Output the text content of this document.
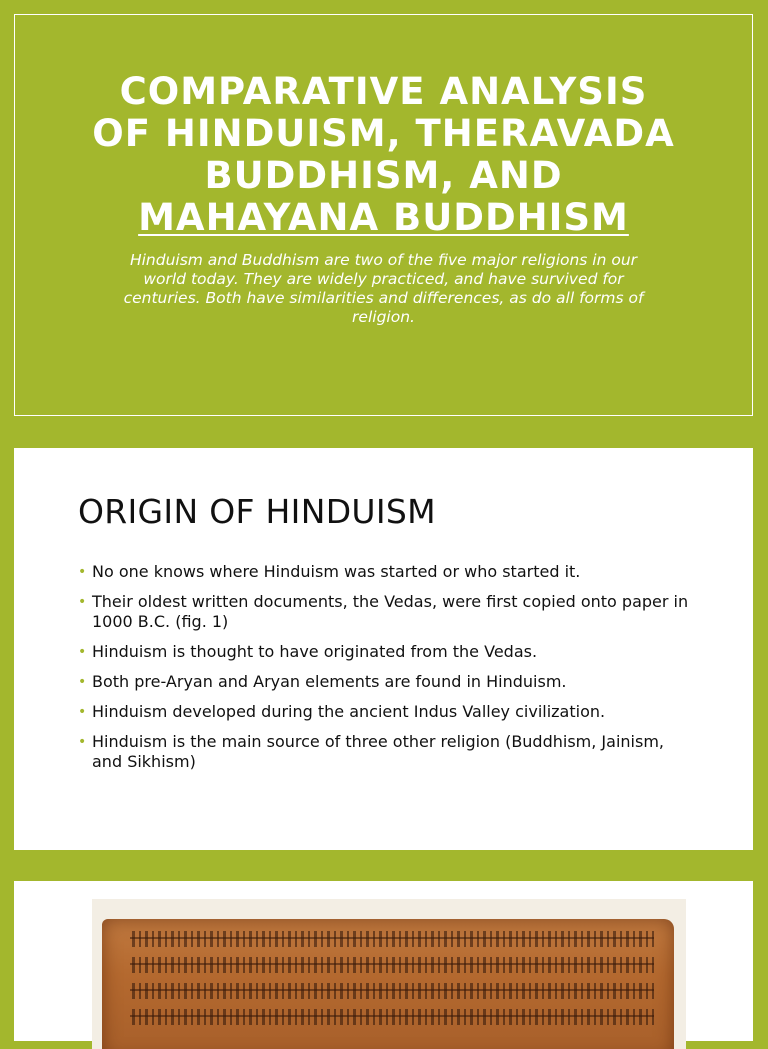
COMPARATIVE ANALYSIS
OF HINDUISM, THERAVADA
BUDDHISM, AND
MAHAYANA BUDDHISM

Hinduism and Buddhism are two of the five major religions in our world today. They are widely practiced, and have survived for centuries. Both have similarities and differences, as do all forms of religion.

ORIGIN OF HINDUISM
• No one knows where Hinduism was started or who started it.
• Their oldest written documents, the Vedas, were first copied onto paper in 1000 B.C. (fig. 1)
• Hinduism is thought to have originated from the Vedas.
• Both pre-Aryan and Aryan elements are found in Hinduism.
• Hinduism developed during the ancient Indus Valley civilization.
• Hinduism is the main source of three other religion (Buddhism, Jainism, and Sikhism)
